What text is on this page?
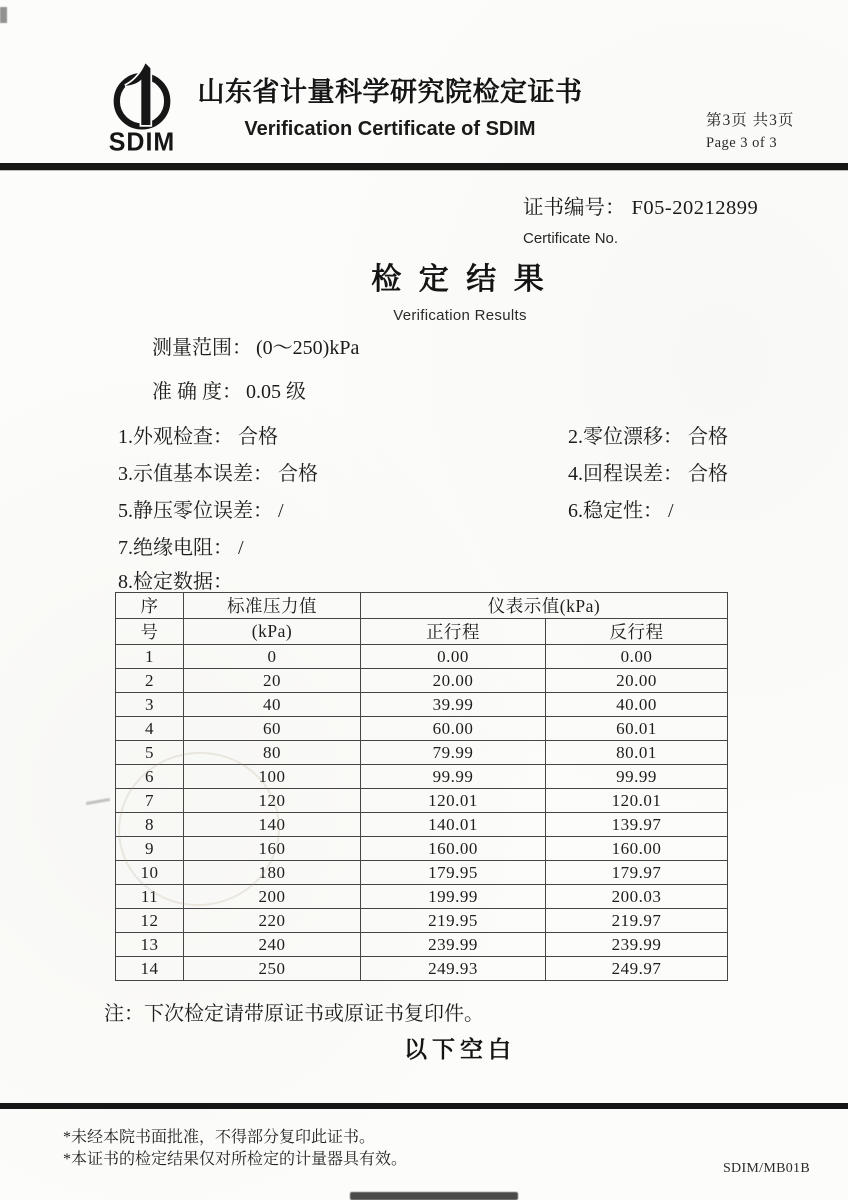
SDIM
山东省计量科学研究院检定证书
Verification Certificate of SDIM	第3页 共3页
Page 3 of 3
证书编号： F05-20212899
Certificate No.
检 定 结 果
Verification Results
测量范围： (0～250)kPa
准 确 度： 0.05 级
1.外观检查： 合格	2.零位漂移： 合格
3.示值基本误差： 合格	4.回程误差： 合格
5.静压零位误差： /	6.稳定性： /
7.绝缘电阻： /
8.检定数据：
序	标准压力值	仪表示值(kPa)	
号	(kPa)	正行程	反行程
1	0	0.00	0.00
2	20	20.00	20.00
3	40	39.99	40.00
4	60	60.00	60.01
5	80	79.99	80.01
6	100	99.99	99.99
7	120	120.01	120.01
8	140	140.01	139.97
9	160	160.00	160.00
10	180	179.95	179.97
11	200	199.99	200.03
12	220	219.95	219.97
13	240	239.99	239.99
14	250	249.93	249.97
注：下次检定请带原证书或原证书复印件。
以下空白
*未经本院书面批准，不得部分复印此证书。
*本证书的检定结果仅对所检定的计量器具有效。
SDIM/MB01B
